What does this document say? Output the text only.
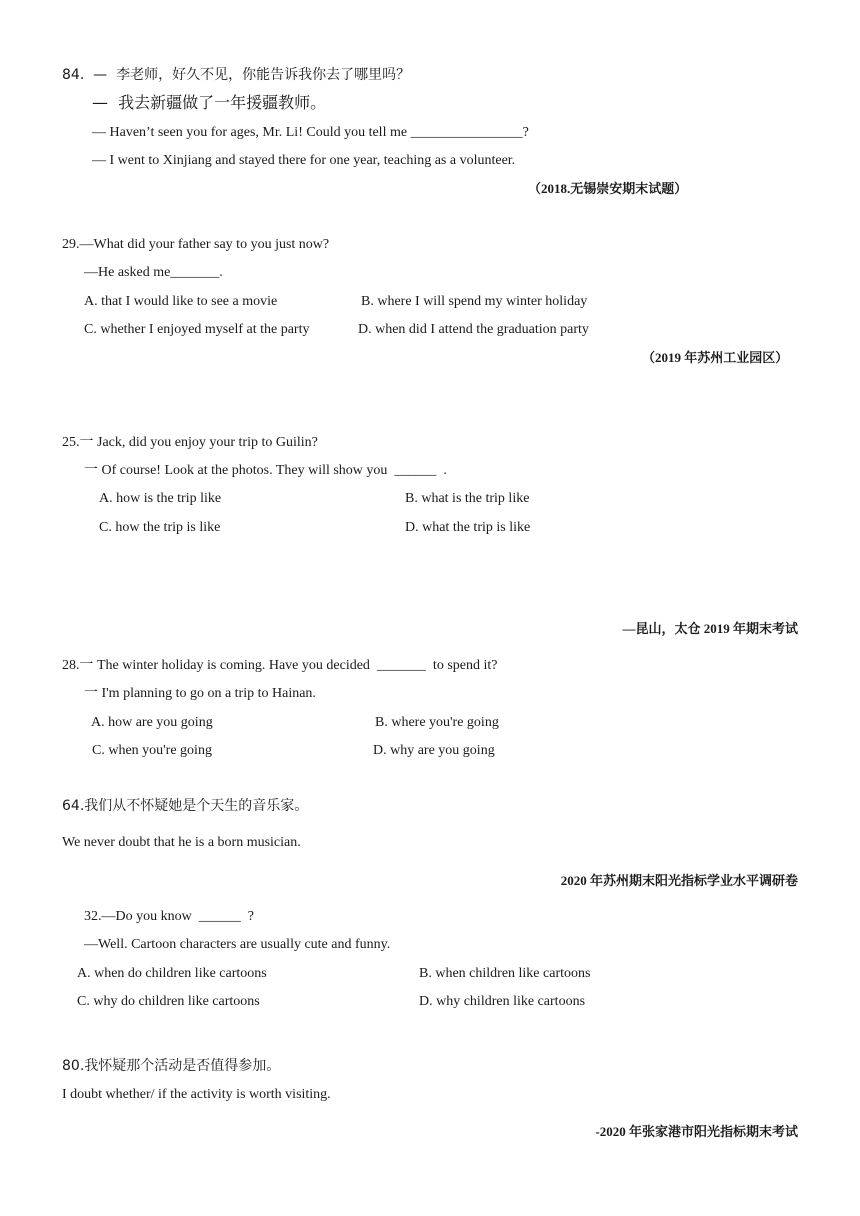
84.  —  李老师，好久不见，你能告诉我你去了哪里吗？
—  我去新疆做了一年援疆教师。
— Haven’t seen you for ages, Mr. Li! Could you tell me ________________?
— I went to Xinjiang and stayed there for one year, teaching as a volunteer.
（2018.无锡崇安期末试题）
29.―What did your father say to you just now?
―He asked me_______.
A. that I would like to see a movie	B. where I will spend my winter holiday
C. whether I enjoyed myself at the party	D. when did I attend the graduation party
（2019 年苏州工业园区）
25.一 Jack, did you enjoy your trip to Guilin?
一 Of course! Look at the photos. They will show you  ______  .
A. how is the trip like	B. what is the trip like
C. how the trip is like	D. what the trip is like
—昆山，太仓 2019 年期末考试
28.一 The winter holiday is coming. Have you decided  _______  to spend it?
一 I'm planning to go on a trip to Hainan.
A. how are you going	B. where you're going
C. when you're going	D. why are you going
64.我们从不怀疑她是个天生的音乐家。
We never doubt that he is a born musician.
2020 年苏州期末阳光指标学业水平调研卷
32.―Do you know  ______  ?
―Well. Cartoon characters are usually cute and funny.
A. when do children like cartoons	B. when children like cartoons
C. why do children like cartoons	D. why children like cartoons
80.我怀疑那个活动是否值得参加。
I doubt whether/ if the activity is worth visiting.
-2020 年张家港市阳光指标期末考试
